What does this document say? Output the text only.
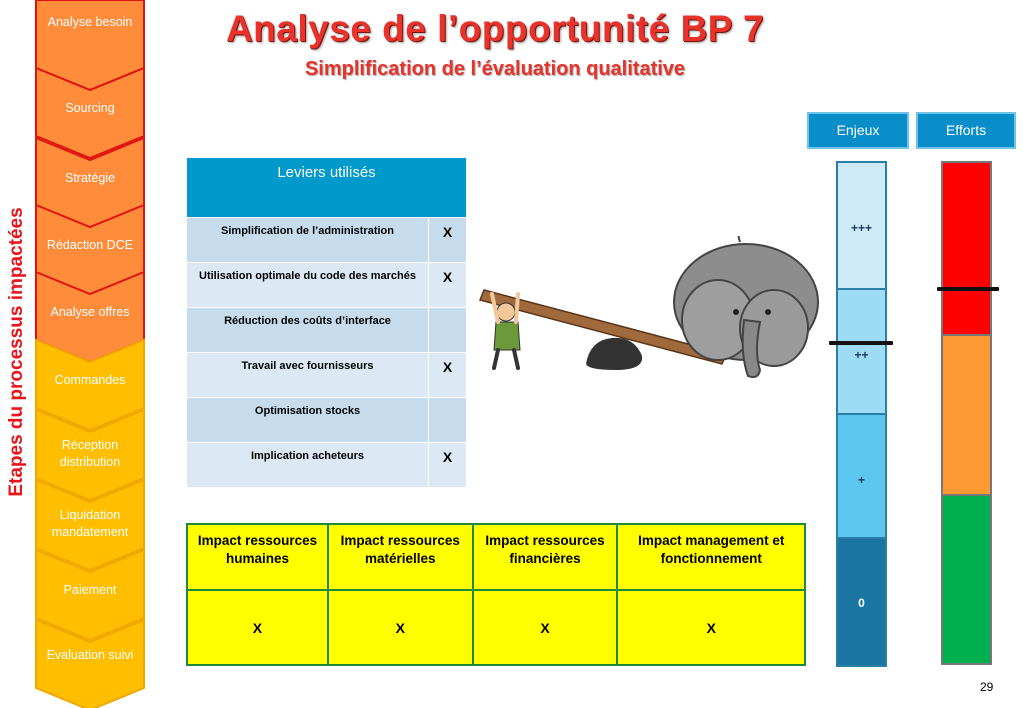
Etapes du processus impactées
Analyse besoin
Sourcing
Stratégie
Rédaction DCE
Analyse offres
Commandes
Réception distribution
Liquidation mandatement
Paiement
Evaluation suivi
Analyse de l’opportunité BP 7
Simplification de l’évaluation qualitative
Leviers utilisés	
Simplification de l’administration	X
Utilisation optimale du code des marchés	X
Réduction des coûts d’interface	
Travail avec fournisseurs	X
Optimisation stocks	
Implication acheteurs	X
Impact ressources humaines	Impact ressources matérielles	Impact ressources financières	Impact management et fonctionnement
X	X	X	X
Enjeux	Efforts
+++
++
+
0
29
